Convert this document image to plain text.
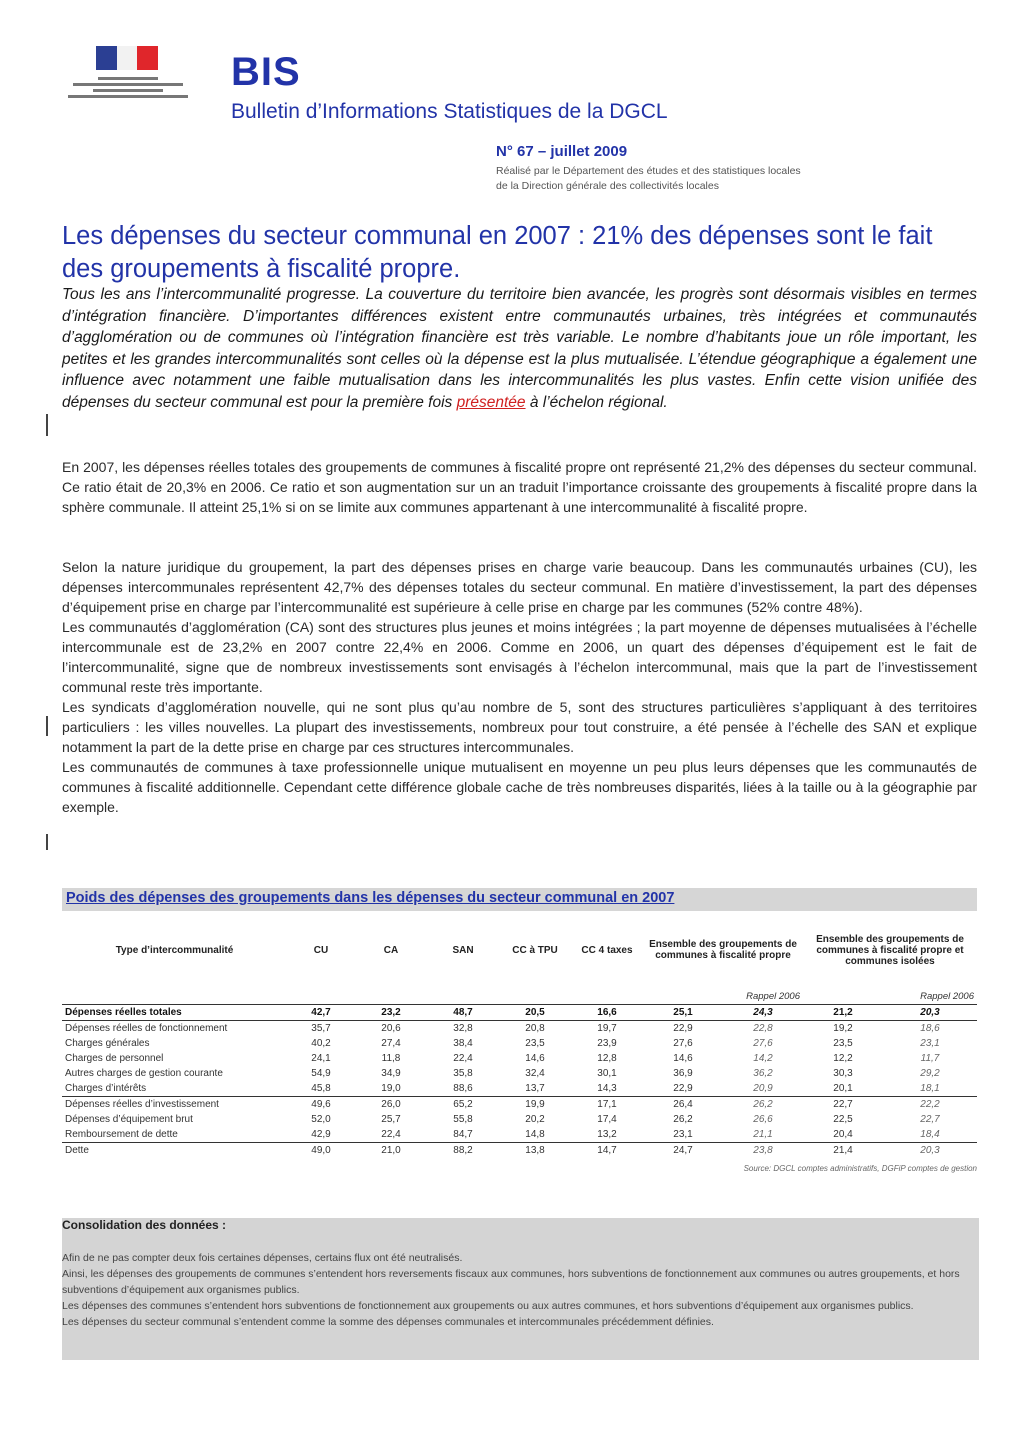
BIS
Bulletin d’Informations Statistiques de la DGCL
N° 67 – juillet 2009
Réalisé par le Département des études et des statistiques locales
de la Direction générale des collectivités locales
Les dépenses du secteur communal en 2007 : 21% des dépenses sont le fait des groupements à fiscalité propre.
Tous les ans l’intercommunalité progresse. La couverture du territoire bien avancée, les progrès sont désormais visibles en termes d’intégration financière. D’importantes différences existent entre communautés urbaines, très intégrées et communautés d’agglomération ou de communes où l’intégration financière est très variable. Le nombre d’habitants joue un rôle important, les petites et les grandes intercommunalités sont celles où la dépense est la plus mutualisée. L’étendue géographique a également une influence avec notamment une faible mutualisation dans les intercommunalités les plus vastes. Enfin cette vision unifiée des dépenses du secteur communal est pour la première fois présentée à l’échelon régional.
En 2007, les dépenses réelles totales des groupements de communes à fiscalité propre ont représenté 21,2% des dépenses du secteur communal. Ce ratio était de 20,3% en 2006. Ce ratio et son augmentation sur un an traduit l’importance croissante des groupements à fiscalité propre dans la sphère communale. Il atteint 25,1% si on se limite aux communes appartenant à une intercommunalité à fiscalité propre.
Selon la nature juridique du groupement, la part des dépenses prises en charge varie beaucoup. Dans les communautés urbaines (CU), les dépenses intercommunales représentent 42,7% des dépenses totales du secteur communal. En matière d’investissement, la part des dépenses d’équipement prise en charge par l’intercommunalité est supérieure à celle prise en charge par les communes (52% contre 48%).
Les communautés d’agglomération (CA) sont des structures plus jeunes et moins intégrées ; la part moyenne de dépenses mutualisées à l’échelle intercommunale est de 23,2% en 2007 contre 22,4% en 2006. Comme en 2006, un quart des dépenses d’équipement est le fait de l’intercommunalité, signe que de nombreux investissements sont envisagés à l’échelon intercommunal, mais que la part de l’investissement communal reste très importante.
Les syndicats d’agglomération nouvelle, qui ne sont plus qu’au nombre de 5, sont des structures particulières s’appliquant à des territoires particuliers : les villes nouvelles. La plupart des investissements, nombreux pour tout construire, a été pensée à l’échelle des SAN et explique notamment la part de la dette prise en charge par ces structures intercommunales.
Les communautés de communes à taxe professionnelle unique mutualisent en moyenne un peu plus leurs dépenses que les communautés de communes à fiscalité additionnelle. Cependant cette différence globale cache de très nombreuses disparités, liées à la taille ou à la géographie par exemple.
Poids des dépenses des groupements dans les dépenses du secteur communal en 2007
Type d’intercommunalité	CU	CA	SAN	CC à TPU	CC 4 taxes	Ensemble des groupements de communes à fiscalité propre		Ensemble des groupements de communes à fiscalité propre et communes isolées	
							Rappel 2006		Rappel 2006
Dépenses réelles totales	42,7	23,2	48,7	20,5	16,6	25,1	24,3	21,2	20,3
Dépenses réelles de fonctionnement	35,7	20,6	32,8	20,8	19,7	22,9	22,8	19,2	18,6
Charges générales	40,2	27,4	38,4	23,5	23,9	27,6	27,6	23,5	23,1
Charges de personnel	24,1	11,8	22,4	14,6	12,8	14,6	14,2	12,2	11,7
Autres charges de gestion courante	54,9	34,9	35,8	32,4	30,1	36,9	36,2	30,3	29,2
Charges d’intérêts	45,8	19,0	88,6	13,7	14,3	22,9	20,9	20,1	18,1
Dépenses réelles d’investissement	49,6	26,0	65,2	19,9	17,1	26,4	26,2	22,7	22,2
Dépenses d’équipement brut	52,0	25,7	55,8	20,2	17,4	26,2	26,6	22,5	22,7
Remboursement de dette	42,9	22,4	84,7	14,8	13,2	23,1	21,1	20,4	18,4
Dette	49,0	21,0	88,2	13,8	14,7	24,7	23,8	21,4	20,3
Source: DGCL comptes administratifs, DGFiP comptes de gestion
Consolidation des données :
Afin de ne pas compter deux fois certaines dépenses, certains flux ont été neutralisés.
Ainsi, les dépenses des groupements de communes s’entendent hors reversements fiscaux aux communes, hors subventions de fonctionnement aux communes ou autres groupements, et hors subventions d’équipement aux organismes publics.
Les dépenses des communes s’entendent hors subventions de fonctionnement aux groupements ou aux autres communes, et hors subventions d’équipement aux organismes publics.
Les dépenses du secteur communal s’entendent comme la somme des dépenses communales et intercommunales précédemment définies.
